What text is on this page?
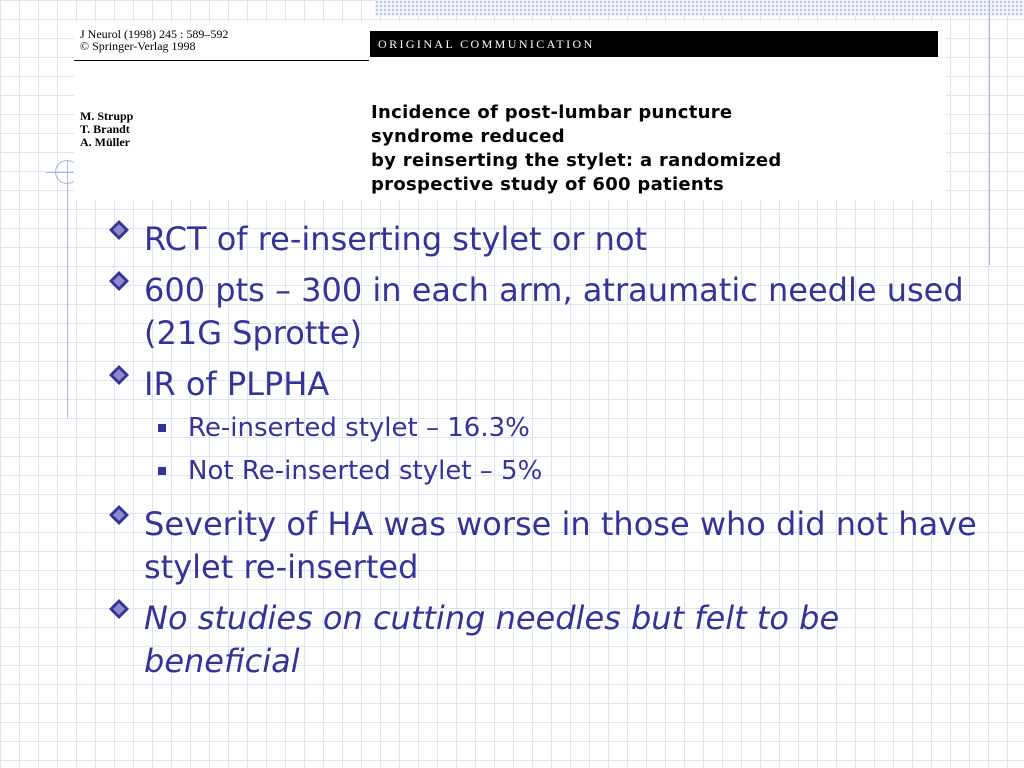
J Neurol (1998) 245 : 589–592
© Springer-Verlag 1998	ORIGINAL COMMUNICATION
M. Strupp
T. Brandt
A. Müller
Incidence of post-lumbar puncture
syndrome reduced
by reinserting the stylet: a randomized
prospective study of 600 patients
RCT of re-inserting stylet or not
600 pts – 300 in each arm, atraumatic needle used (21G Sprotte)
IR of PLPHA
Re-inserted stylet – 16.3%
Not Re-inserted stylet – 5%
Severity of HA was worse in those who did not have stylet re-inserted
No studies on cutting needles but felt to be beneficial
